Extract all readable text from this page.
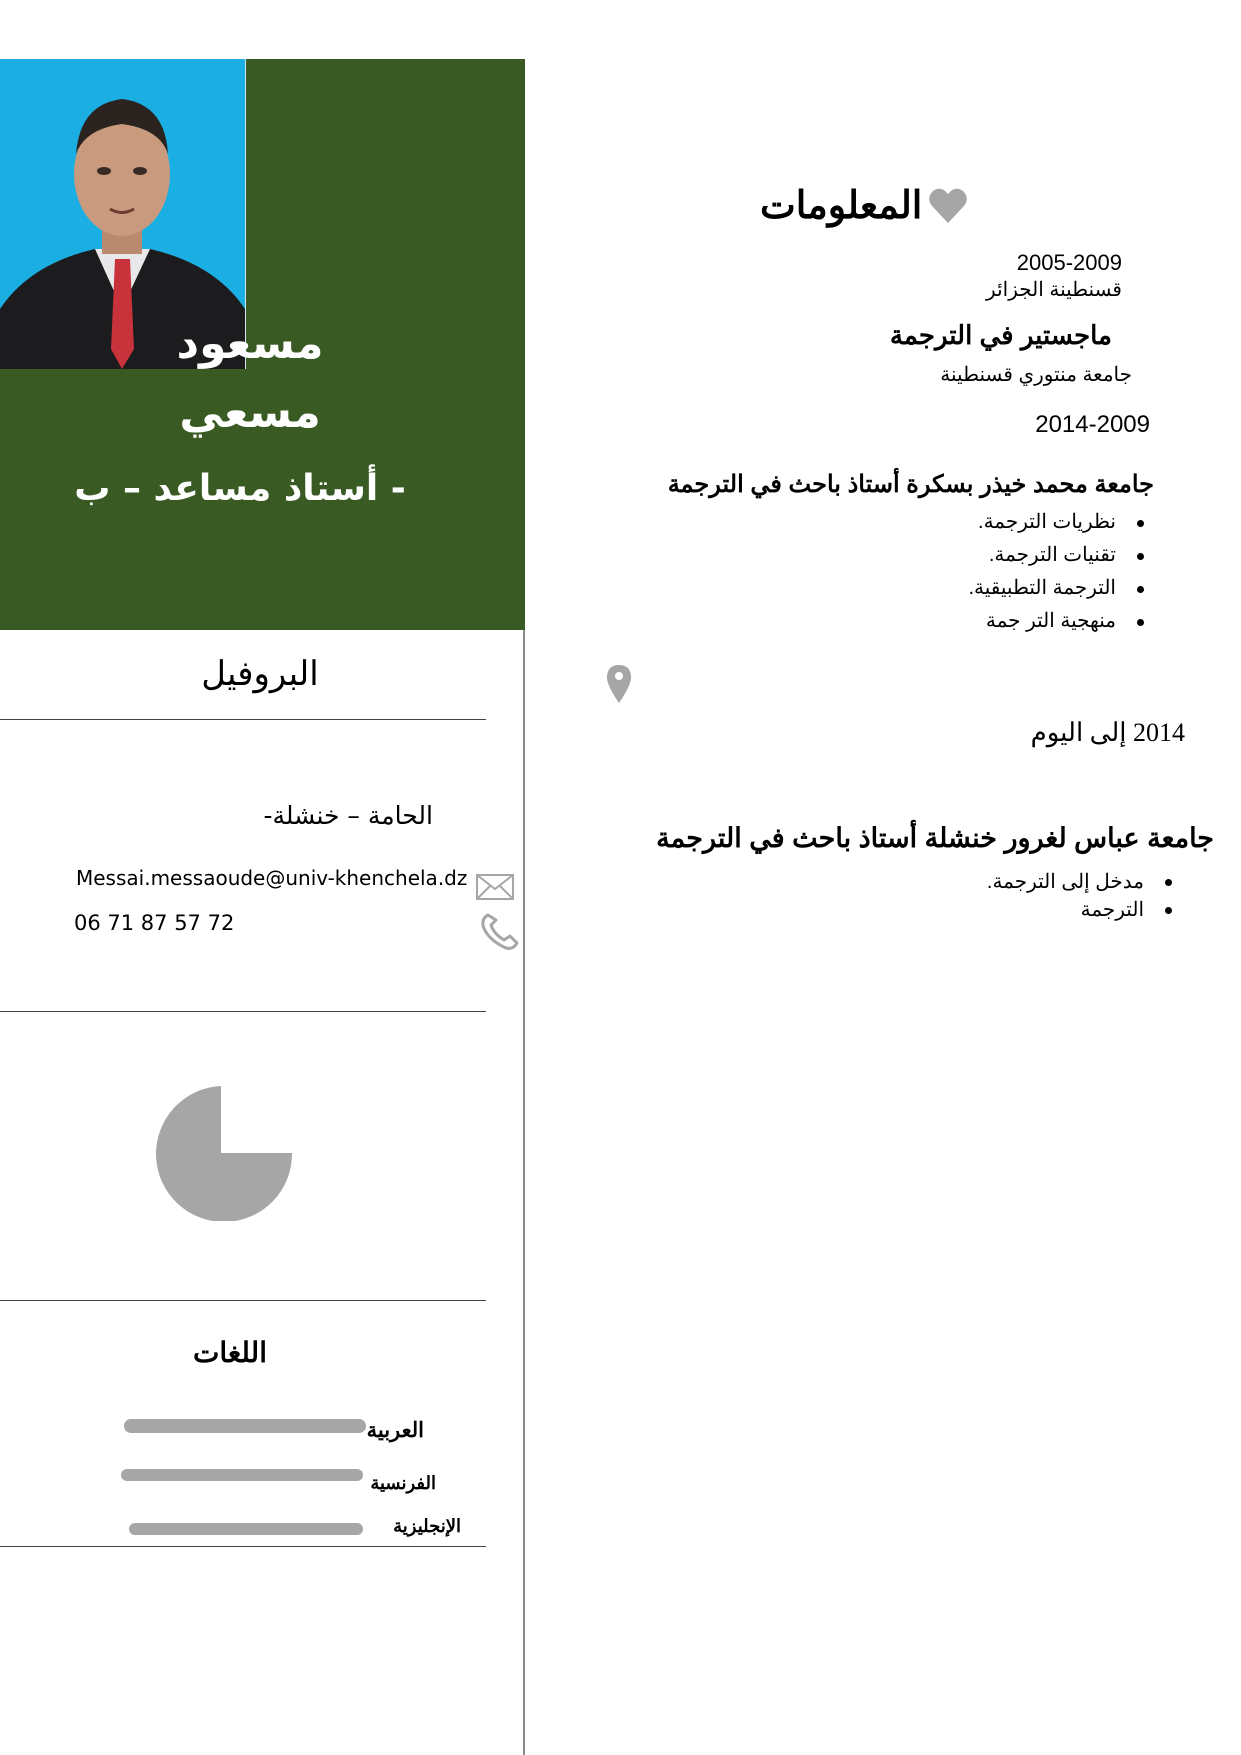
مسعود
مسعي
أستاذ مساعد – ب -
البروفيل
الحامة – خنشلة-
Messai.messaoude@univ-khenchela.dz
06 71 87 57 72
اللغات
العربية
الفرنسية
الإنجليزية
المعلومات
2005-2009
قسنطينة الجزائر
ماجستير في الترجمة
جامعة منتوري قسنطينة
2014-2009
جامعة محمد خيذر بسكرة أستاذ باحث في الترجمة
نظريات الترجمة.
تقنيات الترجمة.
الترجمة التطبيقية.
منهجية التر جمة
2014 إلى اليوم
جامعة عباس لغرور خنشلة أستاذ باحث في الترجمة
مدخل إلى الترجمة.
الترجمة
